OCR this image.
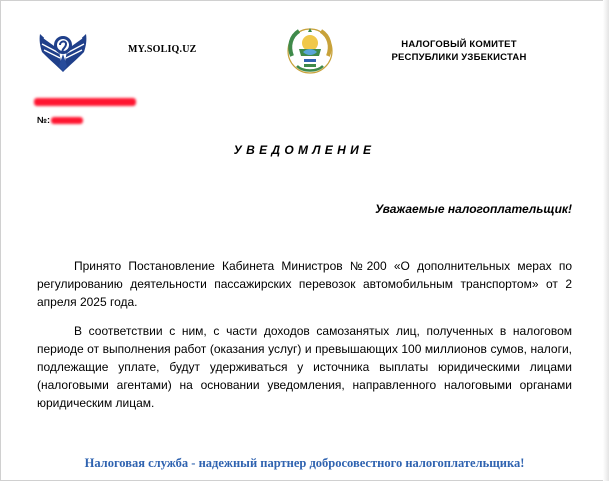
MY.SOLIQ.UZ	НАЛОГОВЫЙ КОМИТЕТ
РЕСПУБЛИКИ УЗБЕКИСТАН
№:
УВЕДОМЛЕНИЕ
Уважаемые налогоплательщик!

Принято Постановление Кабинета Министров №200 «О дополнительных мерах по регулированию деятельности пассажирских перевозок автомобильным транспортом» от 2 апреля 2025 года.

В соответствии с ним, с части доходов самозанятых лиц, полученных в налоговом периоде от выполнения работ (оказания услуг) и превышающих 100 миллионов сумов, налоги, подлежащие уплате, будут удерживаться у источника выплаты юридическими лицами (налоговыми агентами) на основании уведомления, направленного налоговыми органами юридическим лицам.

Налоговая служба - надежный партнер добросовестного налогоплательщика!
